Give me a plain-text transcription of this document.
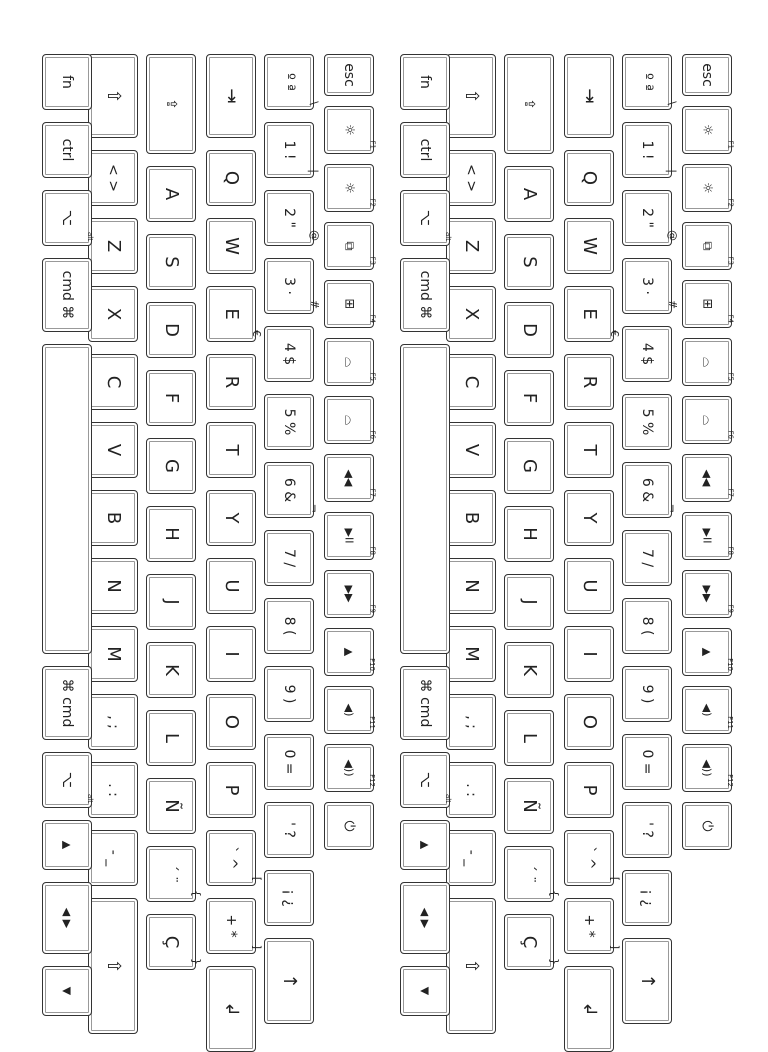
esc
☼
F1
☼
F2
⧉
F3
⊞
F4
⌓
F5
⌓
F6
◀◀
F7
▶II
F8
▶▶
F9
▲
F10
◀)
F11
◀))
F12
⏻
º ª
\
1 !
|
2 "
@
3 ·
#
4 $
5 %
6 &
¬
7 /
8 (
9 )
0 =
' ?
¡ ¿
↑
⇥
Q
W
E
€
R
T
Y
U
I
O
P
` ^
[
+ *
]
↲
⇪
A
S
D
F
G
H
J
K
L
Ñ
´ ¨
{
Ç
}
⇧
< >
Z
X
C
V
B
N
M
, ;
. :
- _
⇧
fn
ctrl
⌥
alt
cmd ⌘
⌘ cmd
⌥
alt
▲
◀ ▶
▼
esc
☼
F1
☼
F2
⧉
F3
⊞
F4
⌓
F5
⌓
F6
◀◀
F7
▶II
F8
▶▶
F9
▲
F10
◀)
F11
◀))
F12
⏻
º ª
\
1 !
|
2 "
@
3 ·
#
4 $
5 %
6 &
¬
7 /
8 (
9 )
0 =
' ?
¡ ¿
↑
⇥
Q
W
E
€
R
T
Y
U
I
O
P
` ^
[
+ *
]
↲
⇪
A
S
D
F
G
H
J
K
L
Ñ
´ ¨
{
Ç
}
⇧
< >
Z
X
C
V
B
N
M
, ;
. :
- _
⇧
fn
ctrl
⌥
alt
cmd ⌘
⌘ cmd
⌥
alt
▲
◀ ▶
▼
